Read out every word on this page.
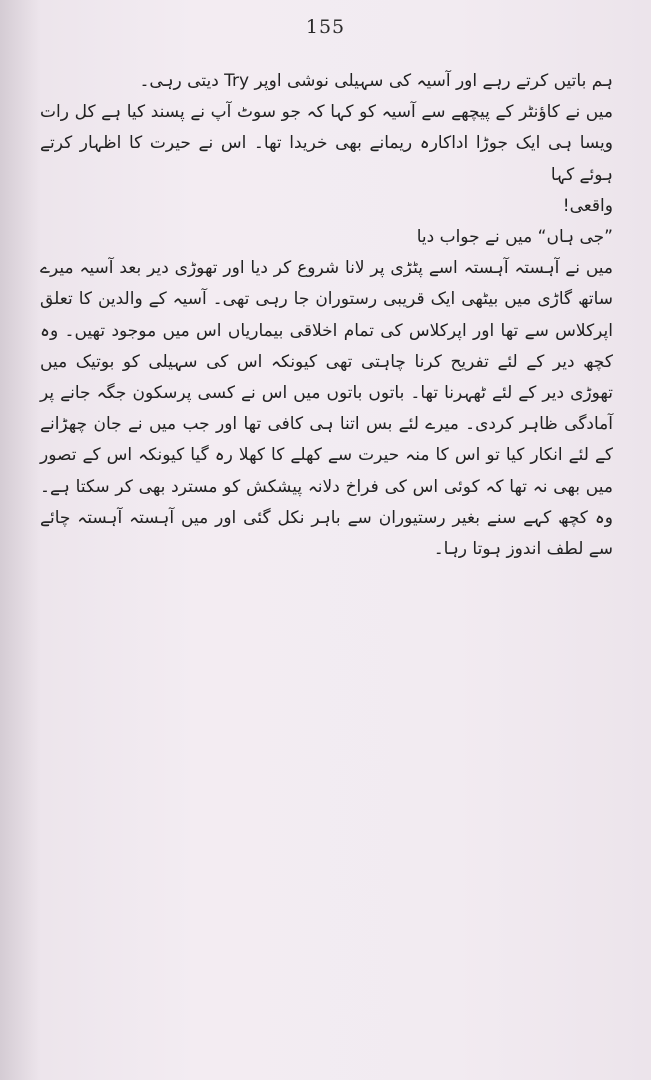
155

ہم باتیں کرتے رہے اور آسیہ کی سہیلی نوشی اوپر Try دیتی رہی۔

میں نے کاؤنٹر کے پیچھے سے آسیہ کو کہا کہ جو سوٹ آپ نے پسند کیا ہے کل رات ویسا ہی ایک جوڑا اداکارہ ریمانے بھی خریدا تھا۔ اس نے حیرت کا اظہار کرتے ہوئے کہا

واقعی!

”جی ہاں“ میں نے جواب دیا

میں نے آہستہ آہستہ اسے پٹڑی پر لانا شروع کر دیا اور تھوڑی دیر بعد آسیہ میرے ساتھ گاڑی میں بیٹھی ایک قریبی رستوران جا رہی تھی۔ آسیہ کے والدین کا تعلق اپرکلاس سے تھا اور اپرکلاس کی تمام اخلاقی بیماریاں اس میں موجود تھیں۔ وہ کچھ دیر کے لئے تفریح کرنا چاہتی تھی کیونکہ اس کی سہیلی کو بوتیک میں تھوڑی دیر کے لئے ٹھہرنا تھا۔ باتوں باتوں میں اس نے کسی پرسکون جگہ جانے پر آمادگی ظاہر کردی۔ میرے لئے بس اتنا ہی کافی تھا اور جب میں نے جان چھڑانے کے لئے انکار کیا تو اس کا منہ حیرت سے کھلے کا کھلا رہ گیا کیونکہ اس کے تصور میں بھی نہ تھا کہ کوئی اس کی فراخ دلانہ پیشکش کو مسترد بھی کر سکتا ہے۔ وہ کچھ کہے سنے بغیر رستیوران سے باہر نکل گئی اور میں آہستہ آہستہ چائے سے لطف اندوز ہوتا رہا۔
